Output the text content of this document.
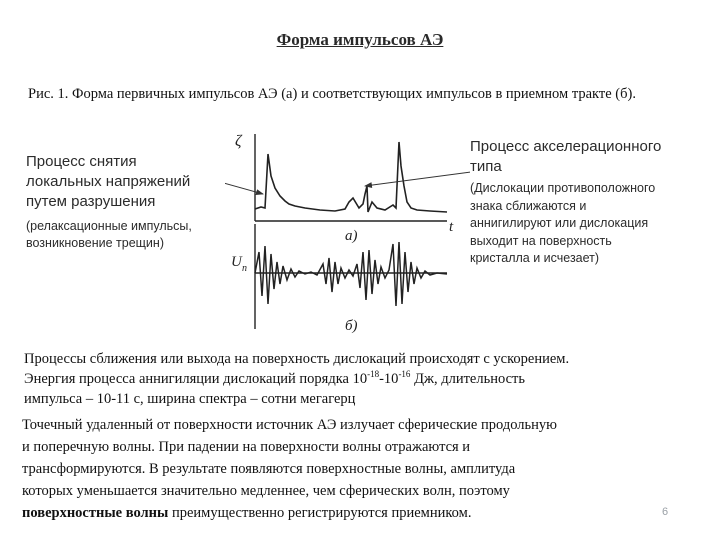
Форма импульсов АЭ
Рис. 1. Форма первичных импульсов АЭ (а) и соответствующих импульсов в приемном тракте (б).
Процесс снятия
локальных напряжений
путем разрушения
(релаксационные импульсы,
возникновение трещин)
Процесс акселерационного
типа
(Дислокации противоположного
знака сближаются и
аннигилируют или дислокация
выходит на поверхность
кристалла и исчезает)
ζ
t
а)
U п
б)
Процессы сближения или выхода на поверхность дислокаций происходят с ускорением.
Энергия процесса аннигиляции дислокаций порядка $10^{-18}-10^{-16}$ Дж, длительность
импульса – 10-11 с, ширина спектра – сотни мегагерц
Точечный удаленный от поверхности источник АЭ излучает сферические продольную
и поперечную волны. При падении на поверхности волны отражаются и
трансформируются. В результате появляются поверхностные волны, амплитуда
которых уменьшается значительно медленнее, чем сферических волн, поэтому
поверхностные волны преимущественно регистрируются приемником.	6
